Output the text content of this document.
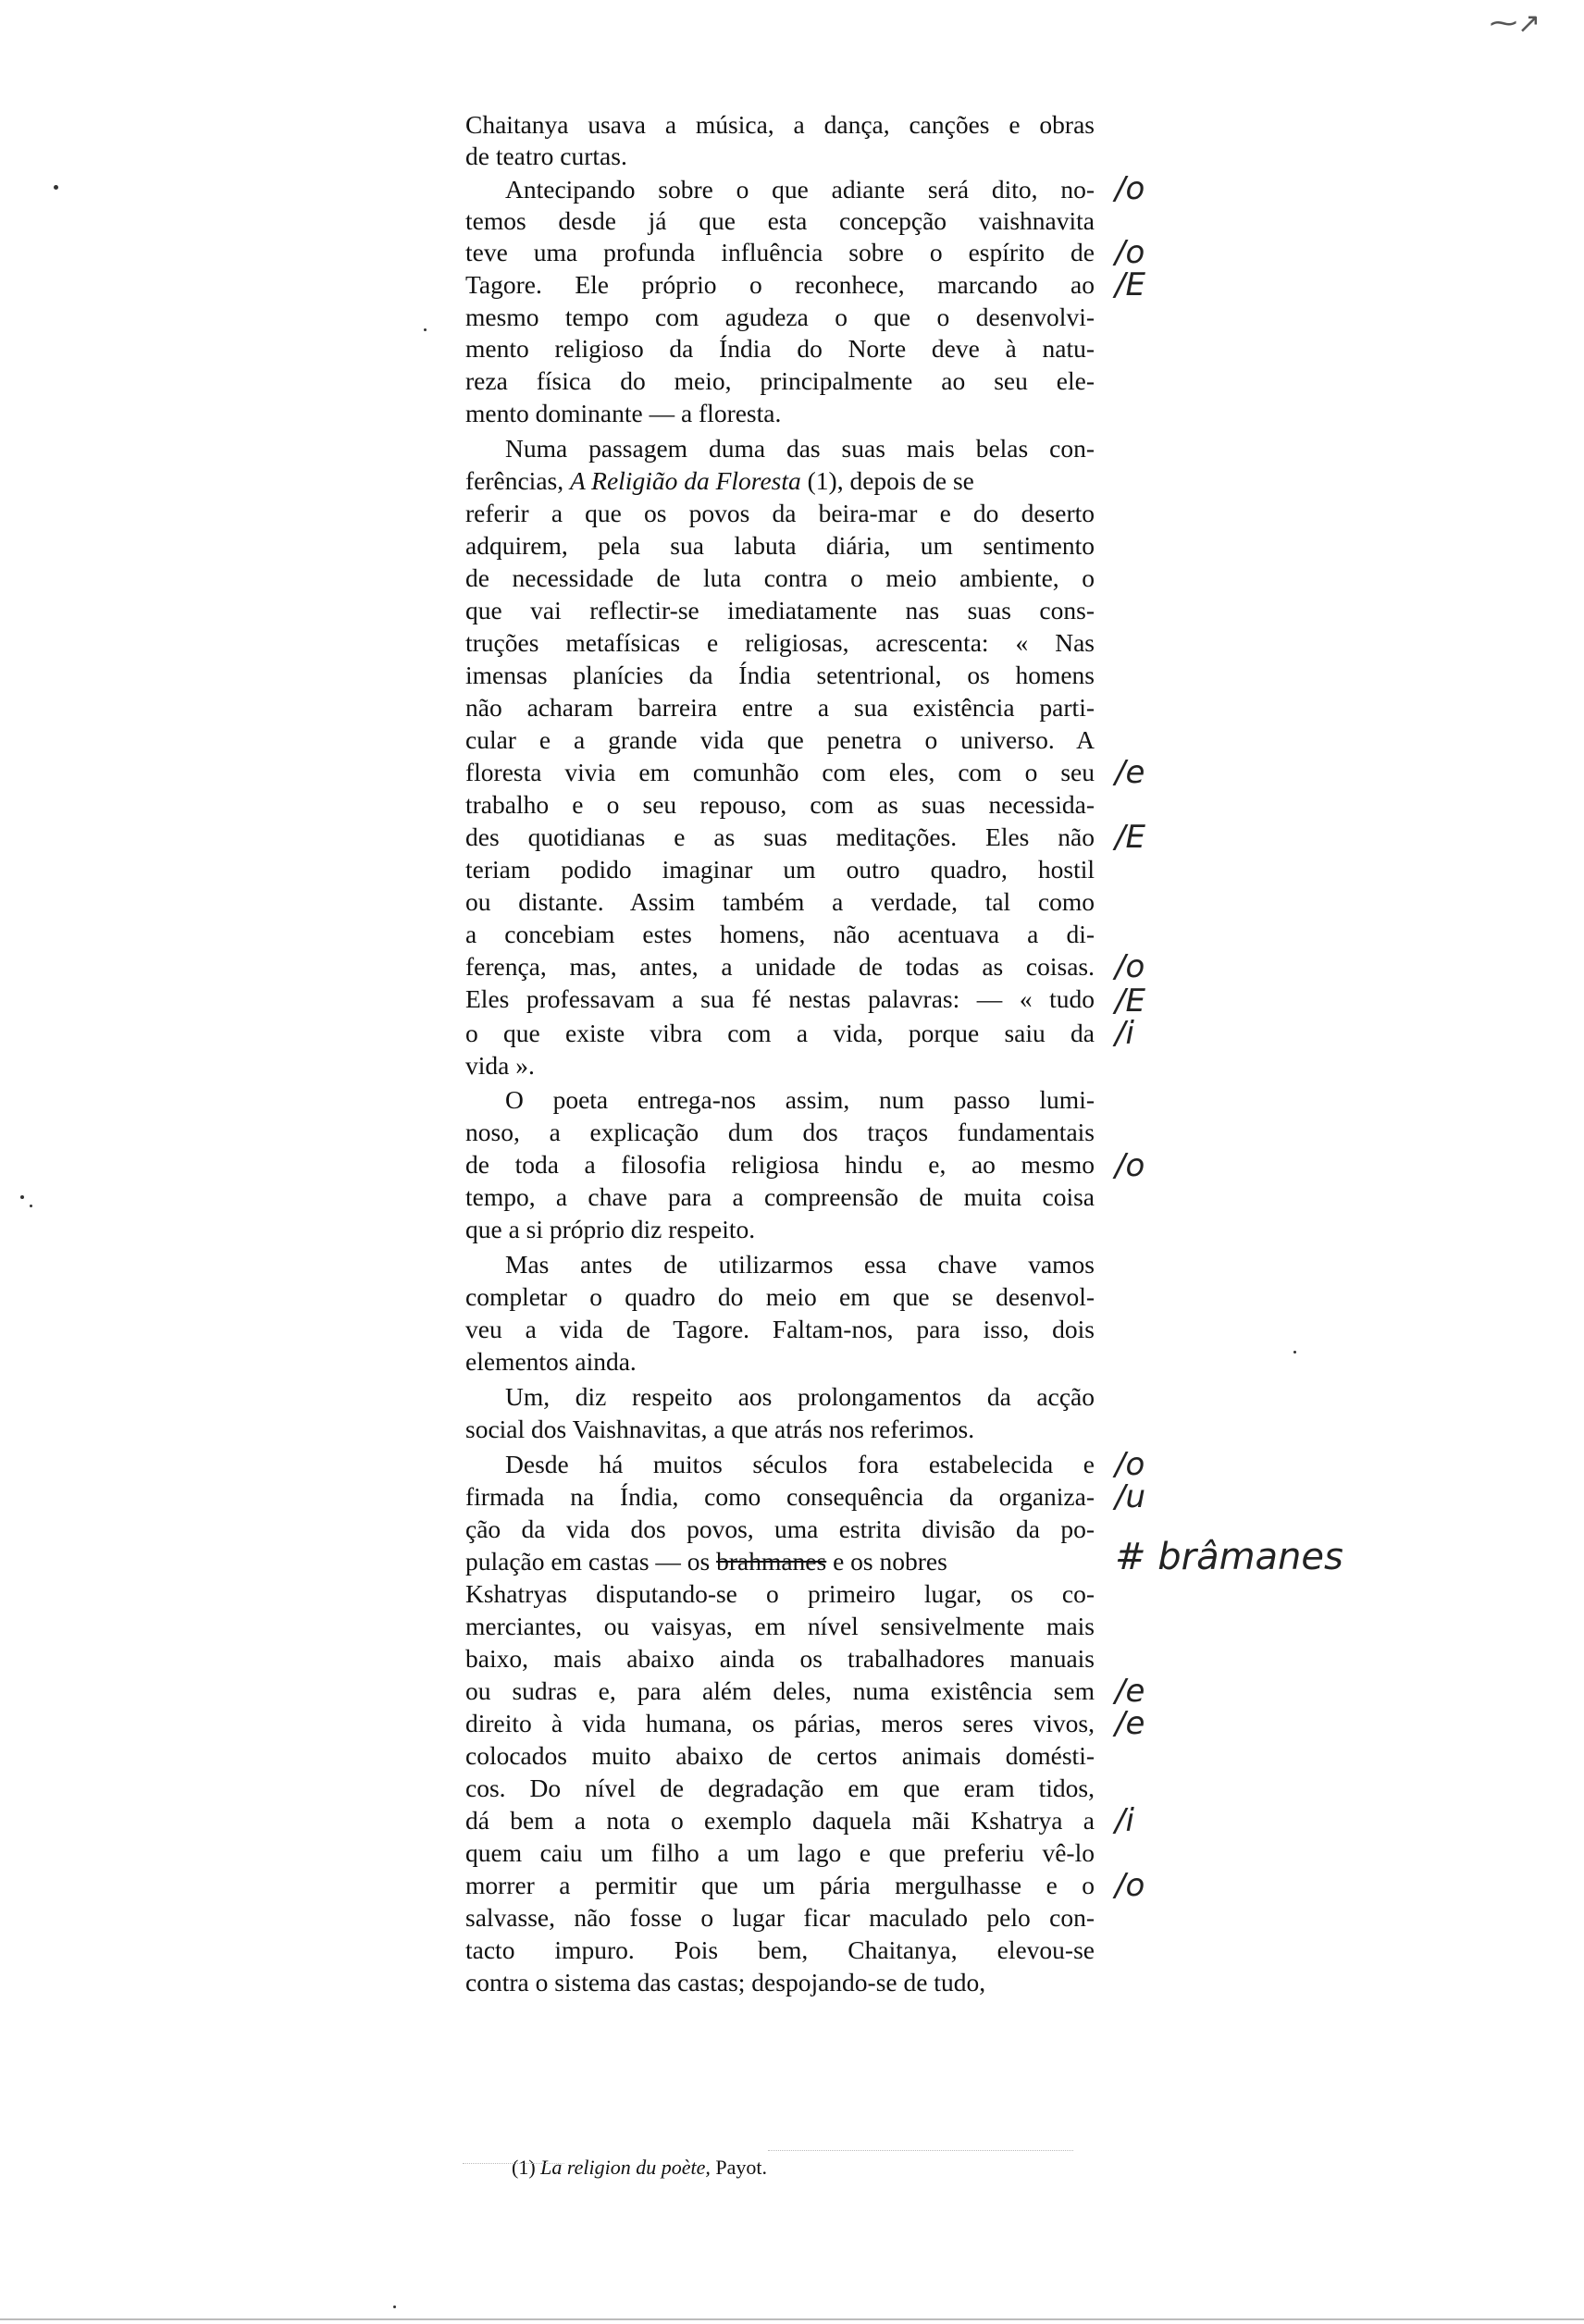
⁓↗
Chaitanya usava a música, a dança, canções e obras
de teatro curtas.
Antecipando sobre o que adiante será dito, no-
temos desde já que esta concepção vaishnavita
teve uma profunda influência sobre o espírito de
Tagore. Ele próprio o reconhece, marcando ao
mesmo tempo com agudeza o que o desenvolvi-
mento religioso da Índia do Norte deve à natu-
reza física do meio, principalmente ao seu ele-
mento dominante — a floresta.
Numa passagem duma das suas mais belas con-
ferências, A Religião da Floresta (1), depois de se
referir a que os povos da beira-mar e do deserto
adquirem, pela sua labuta diária, um sentimento
de necessidade de luta contra o meio ambiente, o
que vai reflectir-se imediatamente nas suas cons-
truções metafísicas e religiosas, acrescenta: « Nas
imensas planícies da Índia setentrional, os homens
não acharam barreira entre a sua existência parti-
cular e a grande vida que penetra o universo. A
floresta vivia em comunhão com eles, com o seu
trabalho e o seu repouso, com as suas necessida-
des quotidianas e as suas meditações. Eles não
teriam podido imaginar um outro quadro, hostil
ou distante. Assim também a verdade, tal como
a concebiam estes homens, não acentuava a di-
ferença, mas, antes, a unidade de todas as coisas.
Eles professavam a sua fé nestas palavras: — « tudo
o que existe vibra com a vida, porque saiu da
vida ».
O poeta entrega-nos assim, num passo lumi-
noso, a explicação dum dos traços fundamentais
de toda a filosofia religiosa hindu e, ao mesmo
tempo, a chave para a compreensão de muita coisa
que a si próprio diz respeito.
Mas antes de utilizarmos essa chave vamos
completar o quadro do meio em que se desenvol-
veu a vida de Tagore. Faltam-nos, para isso, dois
elementos ainda.
Um, diz respeito aos prolongamentos da acção
social dos Vaishnavitas, a que atrás nos referimos.
Desde há muitos séculos fora estabelecida e
firmada na Índia, como consequência da organiza-
ção da vida dos povos, uma estrita divisão da po-
pulação em castas — os brahmanes e os nobres
Kshatryas disputando-se o primeiro lugar, os co-
merciantes, ou vaisyas, em nível sensivelmente mais
baixo, mais abaixo ainda os trabalhadores manuais
ou sudras e, para além deles, numa existência sem
direito à vida humana, os párias, meros seres vivos,
colocados muito abaixo de certos animais domésti-
cos. Do nível de degradação em que eram tidos,
dá bem a nota o exemplo daquela mãi Kshatrya a
quem caiu um filho a um lago e que preferiu vê-lo
morrer a permitir que um pária mergulhasse e o
salvasse, não fosse o lugar ficar maculado pelo con-
tacto impuro. Pois bem, Chaitanya, elevou-se
contra o sistema das castas; despojando-se de tudo,
/o
/o
/E
/e
/E
/o
/E
/i
/o
/o
/u
# brâmanes
/e
/e
/i
/o
(1) La religion du poète, Payot.
